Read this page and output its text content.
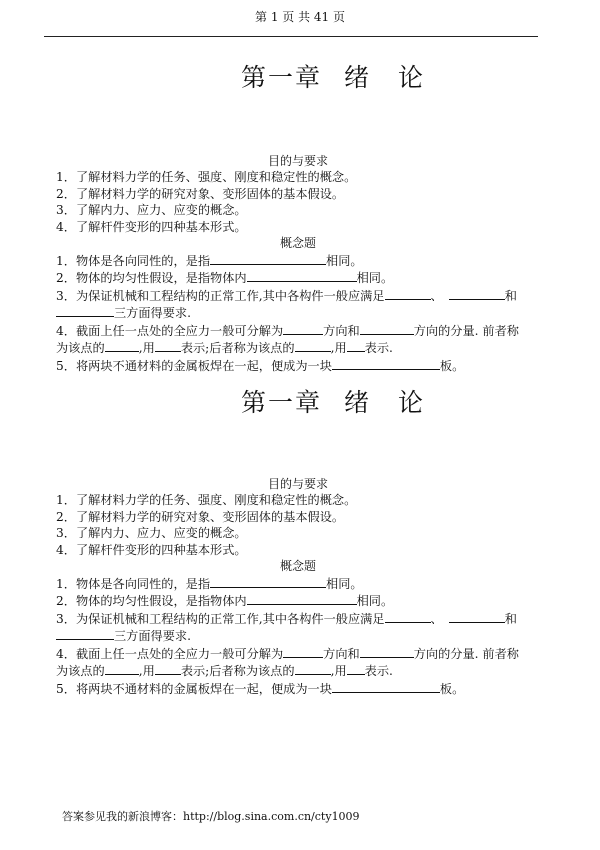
第 1 页 共 41 页
第一章 绪　论
目的与要求
1．了解材料力学的任务、强度、刚度和稳定性的概念。
2．了解材料力学的研究对象、变形固体的基本假设。
3．了解内力、应力、应变的概念。
4．了解杆件变形的四种基本形式。
概念题
1．物体是各向同性的，是指	相同。
2．物体的均匀性假设，是指物体内	相同。
3．为保证机械和工程结构的正常工作,其中各构件一般应满足	、	和
三方面得要求.
4．截面上任一点处的全应力一般可分解为	方向和	方向的分量. 前者称
为该点的	,用 表示;后者称为该点的	,用 表示.
5．将两块不通材料的金属板焊在一起，便成为一块	板。
第一章 绪　论
目的与要求
1．了解材料力学的任务、强度、刚度和稳定性的概念。
2．了解材料力学的研究对象、变形固体的基本假设。
3．了解内力、应力、应变的概念。
4．了解杆件变形的四种基本形式。
概念题
1．物体是各向同性的，是指	相同。
2．物体的均匀性假设，是指物体内	相同。
3．为保证机械和工程结构的正常工作,其中各构件一般应满足	、	和
三方面得要求.
4．截面上任一点处的全应力一般可分解为	方向和	方向的分量. 前者称
为该点的	,用 表示;后者称为该点的	,用 表示.
5．将两块不通材料的金属板焊在一起，便成为一块	板。
答案参见我的新浪博客：http://blog.sina.com.cn/cty1009
